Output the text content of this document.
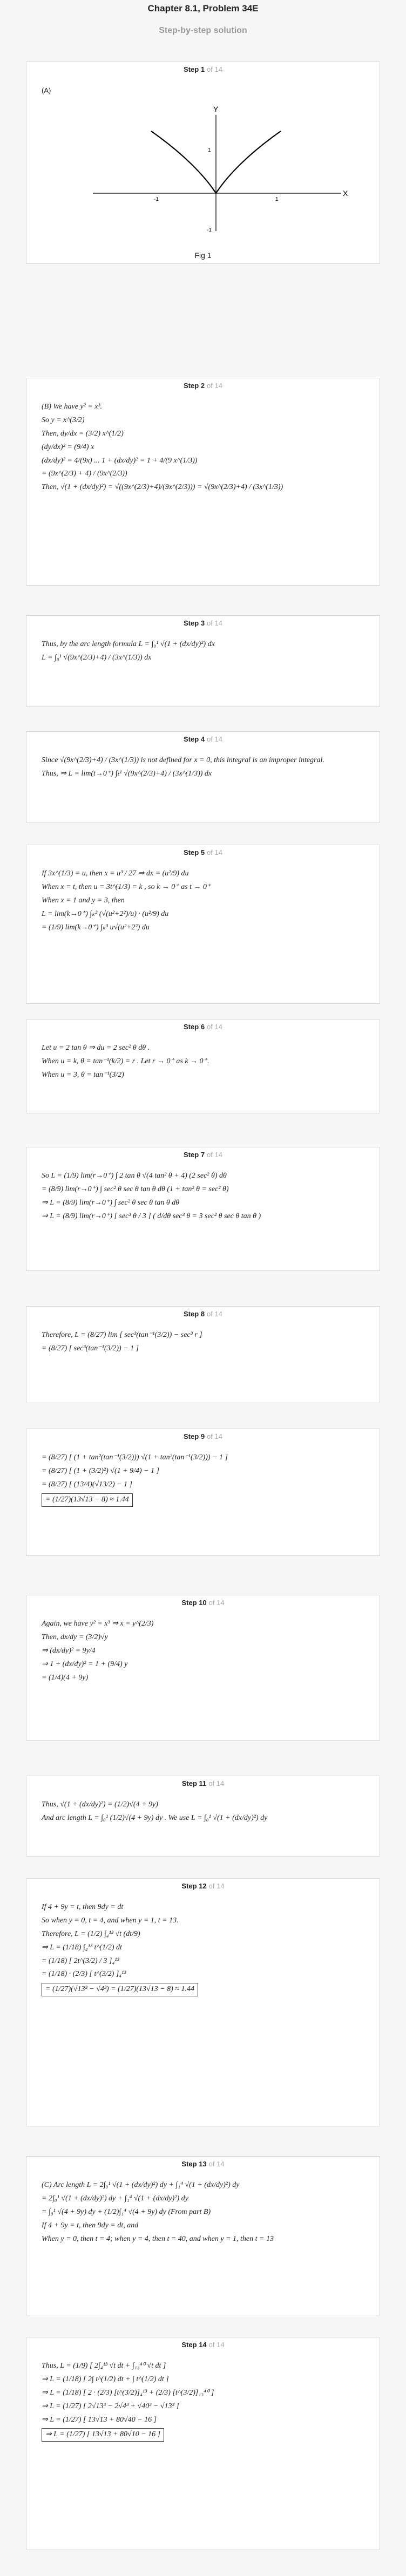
Chapter 8.1, Problem 34E
Step-by-step solution
Step 1 of 14
(A)
Y
X
-1	1
1
-1
Fig 1
Step 2 of 14
(B) We have y² = x³.
So y = x^(3/2)
Then, dy/dx = (3/2) x^(1/2)
(dy/dx)² = (9/4) x
(dx/dy)² = 4/(9x) ... 1 + (dx/dy)² = 1 + 4/(9 x^(1/3))
= (9x^(2/3) + 4) / (9x^(2/3))
Then, √(1 + (dx/dy)²) = √((9x^(2/3)+4)/(9x^(2/3))) = √(9x^(2/3)+4) / (3x^(1/3))
Step 3 of 14
Thus, by the arc length formula L = ∫₀¹ √(1 + (dx/dy)²) dx
L = ∫₀¹ √(9x^(2/3)+4) / (3x^(1/3)) dx
Step 4 of 14
Since √(9x^(2/3)+4) / (3x^(1/3)) is not defined for x = 0, this integral is an improper integral.
Thus, ⇒ L = lim(t→0⁺) ∫ₜ¹ √(9x^(2/3)+4) / (3x^(1/3)) dx
Step 5 of 14
If 3x^(1/3) = u, then x = u³ / 27 ⇒ dx = (u²/9) du
When x = t, then u = 3t^(1/3) = k , so k → 0⁺ as t → 0⁺
When x = 1 and y = 3, then
L = lim(k→0⁺) ∫ₖ³ (√(u²+2²)/u) · (u²/9) du
= (1/9) lim(k→0⁺) ∫ₖ³ u√(u²+2²) du
Step 6 of 14
Let u = 2 tan θ ⇒ du = 2 sec² θ dθ .
When u = k, θ = tan⁻¹(k/2) = r . Let r → 0⁺ as k → 0⁺.
When u = 3, θ = tan⁻¹(3/2)
Step 7 of 14
So L = (1/9) lim(r→0⁺) ∫ 2 tan θ √(4 tan² θ + 4) (2 sec² θ) dθ
= (8/9) lim(r→0⁺) ∫ sec² θ sec θ tan θ dθ (1 + tan² θ = sec² θ)
⇒ L = (8/9) lim(r→0⁺) ∫ sec² θ sec θ tan θ dθ
⇒ L = (8/9) lim(r→0⁺) [ sec³ θ / 3 ] ( d/dθ sec³ θ = 3 sec² θ sec θ tan θ )
Step 8 of 14
Therefore, L = (8/27) lim [ sec³(tan⁻¹(3/2)) − sec³ r ]
= (8/27) [ sec³(tan⁻¹(3/2)) − 1 ]
Step 9 of 14
= (8/27) [ (1 + tan²(tan⁻¹(3/2))) √(1 + tan²(tan⁻¹(3/2))) − 1 ]
= (8/27) [ (1 + (3/2)²) √(1 + 9/4) − 1 ]
= (8/27) [ (13/4)(√13/2) − 1 ]
= (1/27)(13√13 − 8) ≈ 1.44
Step 10 of 14
Again, we have y² = x³ ⇒ x = y^(2/3)
Then, dx/dy = (3/2)√y
⇒ (dx/dy)² = 9y/4
⇒ 1 + (dx/dy)² = 1 + (9/4) y
= (1/4)(4 + 9y)
Step 11 of 14
Thus, √(1 + (dx/dy)²) = (1/2)√(4 + 9y)
And arc length L = ∫₀¹ (1/2)√(4 + 9y) dy . We use L = ∫₀¹ √(1 + (dx/dy)²) dy
Step 12 of 14
If 4 + 9y = t, then 9dy = dt
So when y = 0, t = 4, and when y = 1, t = 13.
Therefore, L = (1/2) ∫₄¹³ √t (dt/9)
⇒ L = (1/18) ∫₄¹³ t^(1/2) dt
= (1/18) [ 2t^(3/2) / 3 ]₄¹³
= (1/18) · (2/3) [ t^(3/2) ]₄¹³
= (1/27)(√13³ − √4³) = (1/27)(13√13 − 8) ≈ 1.44
Step 13 of 14
(C) Arc length L = 2∫₀¹ √(1 + (dx/dy)²) dy + ∫₁⁴ √(1 + (dx/dy)²) dy
= 2∫₀¹ √(1 + (dx/dy)²) dy + ∫₁⁴ √(1 + (dx/dy)²) dy
= ∫₀¹ √(4 + 9y) dy + (1/2)∫₁⁴ √(4 + 9y) dy (From part B)
If 4 + 9y = t, then 9dy = dt, and
When y = 0, then t = 4; when y = 4, then t = 40, and when y = 1, then t = 13
Step 14 of 14
Thus, L = (1/9) [ 2∫₄¹³ √t dt + ∫₁₃⁴⁰ √t dt ]
⇒ L = (1/18) [ 2∫ t^(1/2) dt + ∫ t^(1/2) dt ]
⇒ L = (1/18) [ 2 · (2/3) [t^(3/2)]₄¹³ + (2/3) [t^(3/2)]₁₃⁴⁰ ]
⇒ L = (1/27) [ 2√13³ − 2√4³ + √40³ − √13³ ]
⇒ L = (1/27) [ 13√13 + 80√40 − 16 ]
⇒ L = (1/27) [ 13√13 + 80√10 − 16 ]
